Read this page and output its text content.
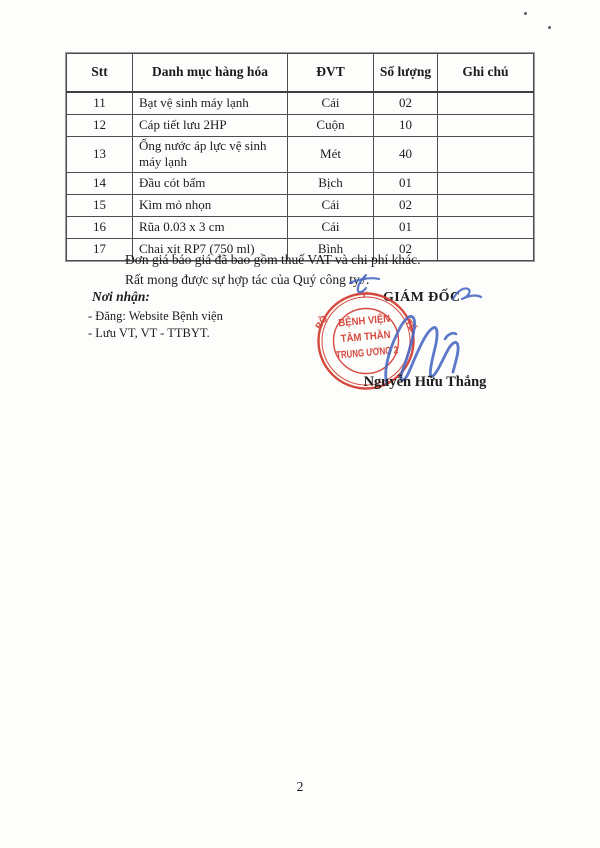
Stt	Danh mục hàng hóa	ĐVT	Số lượng	Ghi chú
11	Bạt vệ sinh máy lạnh	Cái	02	
12	Cáp tiết lưu 2HP	Cuộn	10	
13	Ống nước áp lực vệ sinh máy lạnh	Mét	40	
14	Đầu cót bấm	Bịch	01	
15	Kìm mỏ nhọn	Cái	02	
16	Rũa 0.03 x 3 cm	Cái	01	
17	Chai xịt RP7 (750 ml)	Bình	02	

Đơn giá báo giá đã bao gồm thuế VAT và chi phí khác.

Rất mong được sự hợp tác của Quý công ty./.

Nơi nhận:

- Đăng: Website Bệnh viện

- Lưu VT, VT - TTBYT.

GIÁM ĐỐC
BỘ
Y
TẾ
BỆNH VIỆN
TÂM THẦN
TRUNG ƯƠNG 2
Nguyễn Hữu Thắng
2
